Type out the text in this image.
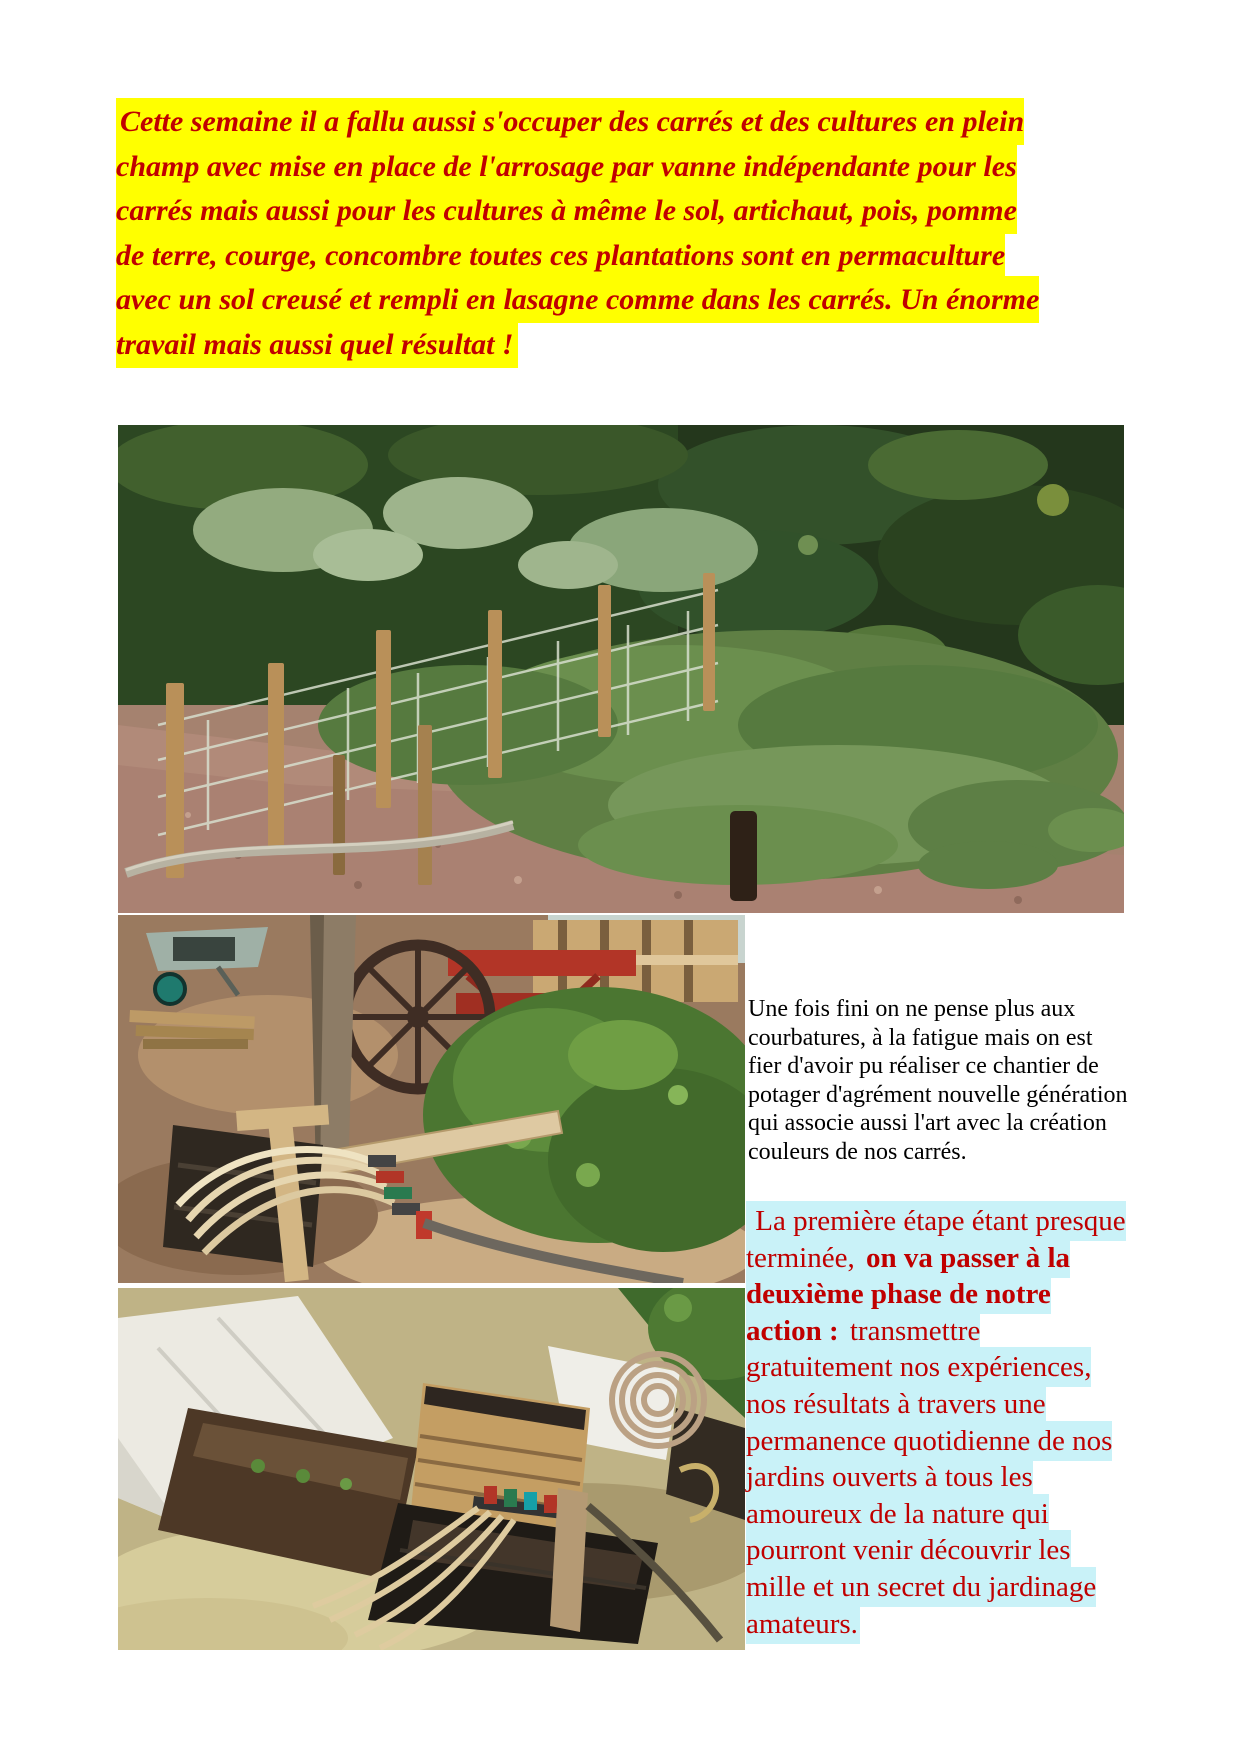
Cette semaine il a fallu aussi s'occuper des carrés et des cultures en plein champ avec mise en place de l'arrosage par vanne indépendante pour les carrés mais aussi pour les cultures à même le sol, artichaut, pois, pomme de terre, courge, concombre toutes ces plantations sont en permaculture avec un sol creusé et rempli en lasagne comme dans les carrés. Un énorme travail mais aussi quel résultat !

Une fois fini on ne pense plus aux courbatures, à la fatigue mais on est fier d'avoir pu réaliser ce chantier de potager d'agrément nouvelle génération qui associe aussi l'art avec la création couleurs de nos carrés.

La première étape étant presque terminée, on va passer à la deuxième phase de notre action : transmettre gratuitement nos expériences, nos résultats à travers une permanence quotidienne de nos jardins ouverts à tous les amoureux de la nature qui pourront venir découvrir les mille et un secret du jardinage amateurs.
